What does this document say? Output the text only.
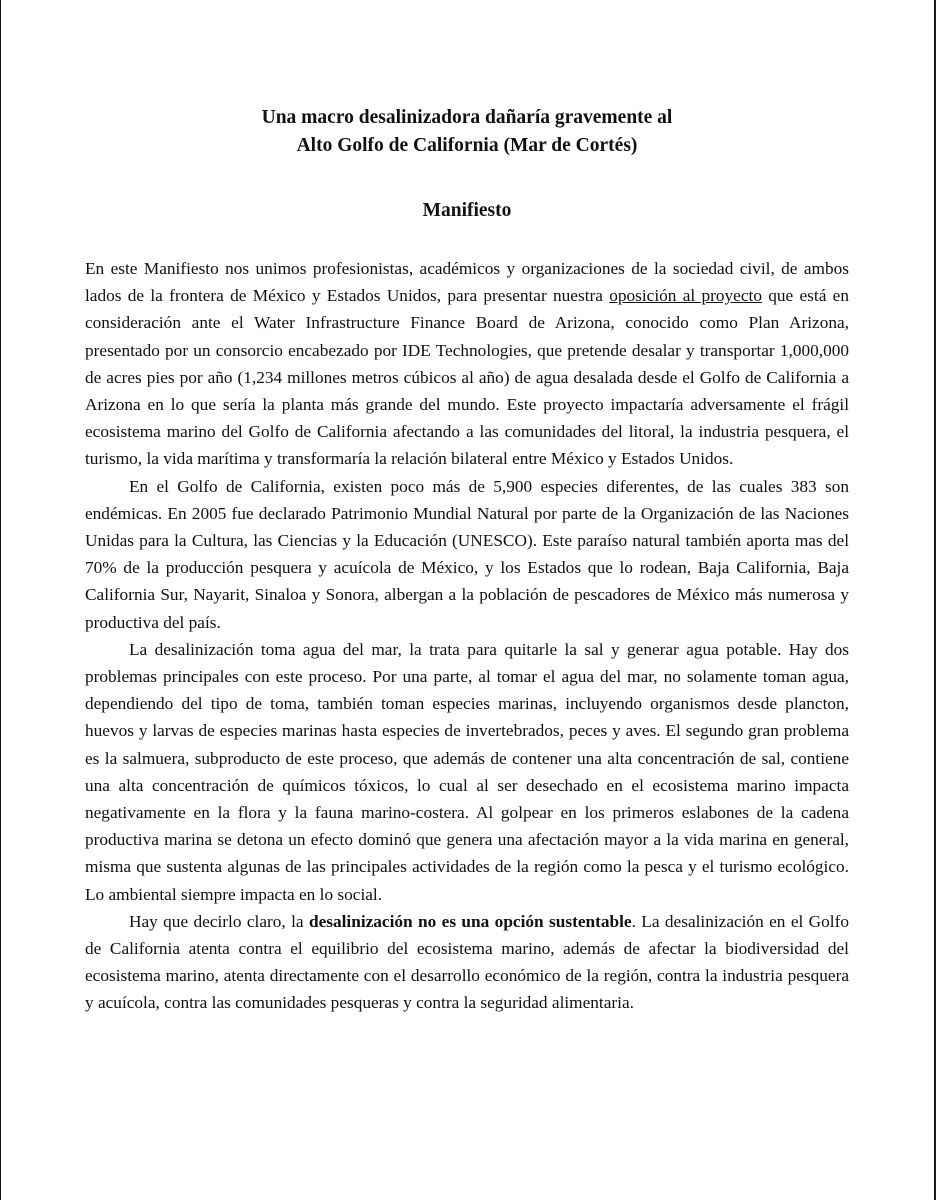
Una macro desalinizadora dañaría gravemente al
Alto Golfo de California (Mar de Cortés)
Manifiesto

En este Manifiesto nos unimos profesionistas, académicos y organizaciones de la sociedad civil, de ambos lados de la frontera de México y Estados Unidos, para presentar nuestra oposición al proyecto que está en consideración ante el Water Infrastructure Finance Board de Arizona, conocido como Plan Arizona, presentado por un consorcio encabezado por IDE Technologies, que pretende desalar y transportar 1,000,000 de acres pies por año (1,234 millones metros cúbicos al año) de agua desalada desde el Golfo de California a Arizona en lo que sería la planta más grande del mundo. Este proyecto impactaría adversamente el frágil ecosistema marino del Golfo de California afectando a las comunidades del litoral, la industria pesquera, el turismo, la vida marítima y transformaría la relación bilateral entre México y Estados Unidos.

En el Golfo de California, existen poco más de 5,900 especies diferentes, de las cuales 383 son endémicas. En 2005 fue declarado Patrimonio Mundial Natural por parte de la Organización de las Naciones Unidas para la Cultura, las Ciencias y la Educación (UNESCO). Este paraíso natural también aporta mas del 70% de la producción pesquera y acuícola de México, y los Estados que lo rodean, Baja California, Baja California Sur, Nayarit, Sinaloa y Sonora, albergan a la población de pescadores de México más numerosa y productiva del país.

La desalinización toma agua del mar, la trata para quitarle la sal y generar agua potable. Hay dos problemas principales con este proceso. Por una parte, al tomar el agua del mar, no solamente toman agua, dependiendo del tipo de toma, también toman especies marinas, incluyendo organismos desde plancton, huevos y larvas de especies marinas hasta especies de invertebrados, peces y aves. El segundo gran problema es la salmuera, subproducto de este proceso, que además de contener una alta concentración de sal, contiene una alta concentración de químicos tóxicos, lo cual al ser desechado en el ecosistema marino impacta negativamente en la flora y la fauna marino-costera. Al golpear en los primeros eslabones de la cadena productiva marina se detona un efecto dominó que genera una afectación mayor a la vida marina en general, misma que sustenta algunas de las principales actividades de la región como la pesca y el turismo ecológico. Lo ambiental siempre impacta en lo social.

Hay que decirlo claro, la desalinización no es una opción sustentable. La desalinización en el Golfo de California atenta contra el equilibrio del ecosistema marino, además de afectar la biodiversidad del ecosistema marino, atenta directamente con el desarrollo económico de la región, contra la industria pesquera y acuícola, contra las comunidades pesqueras y contra la seguridad alimentaria.
